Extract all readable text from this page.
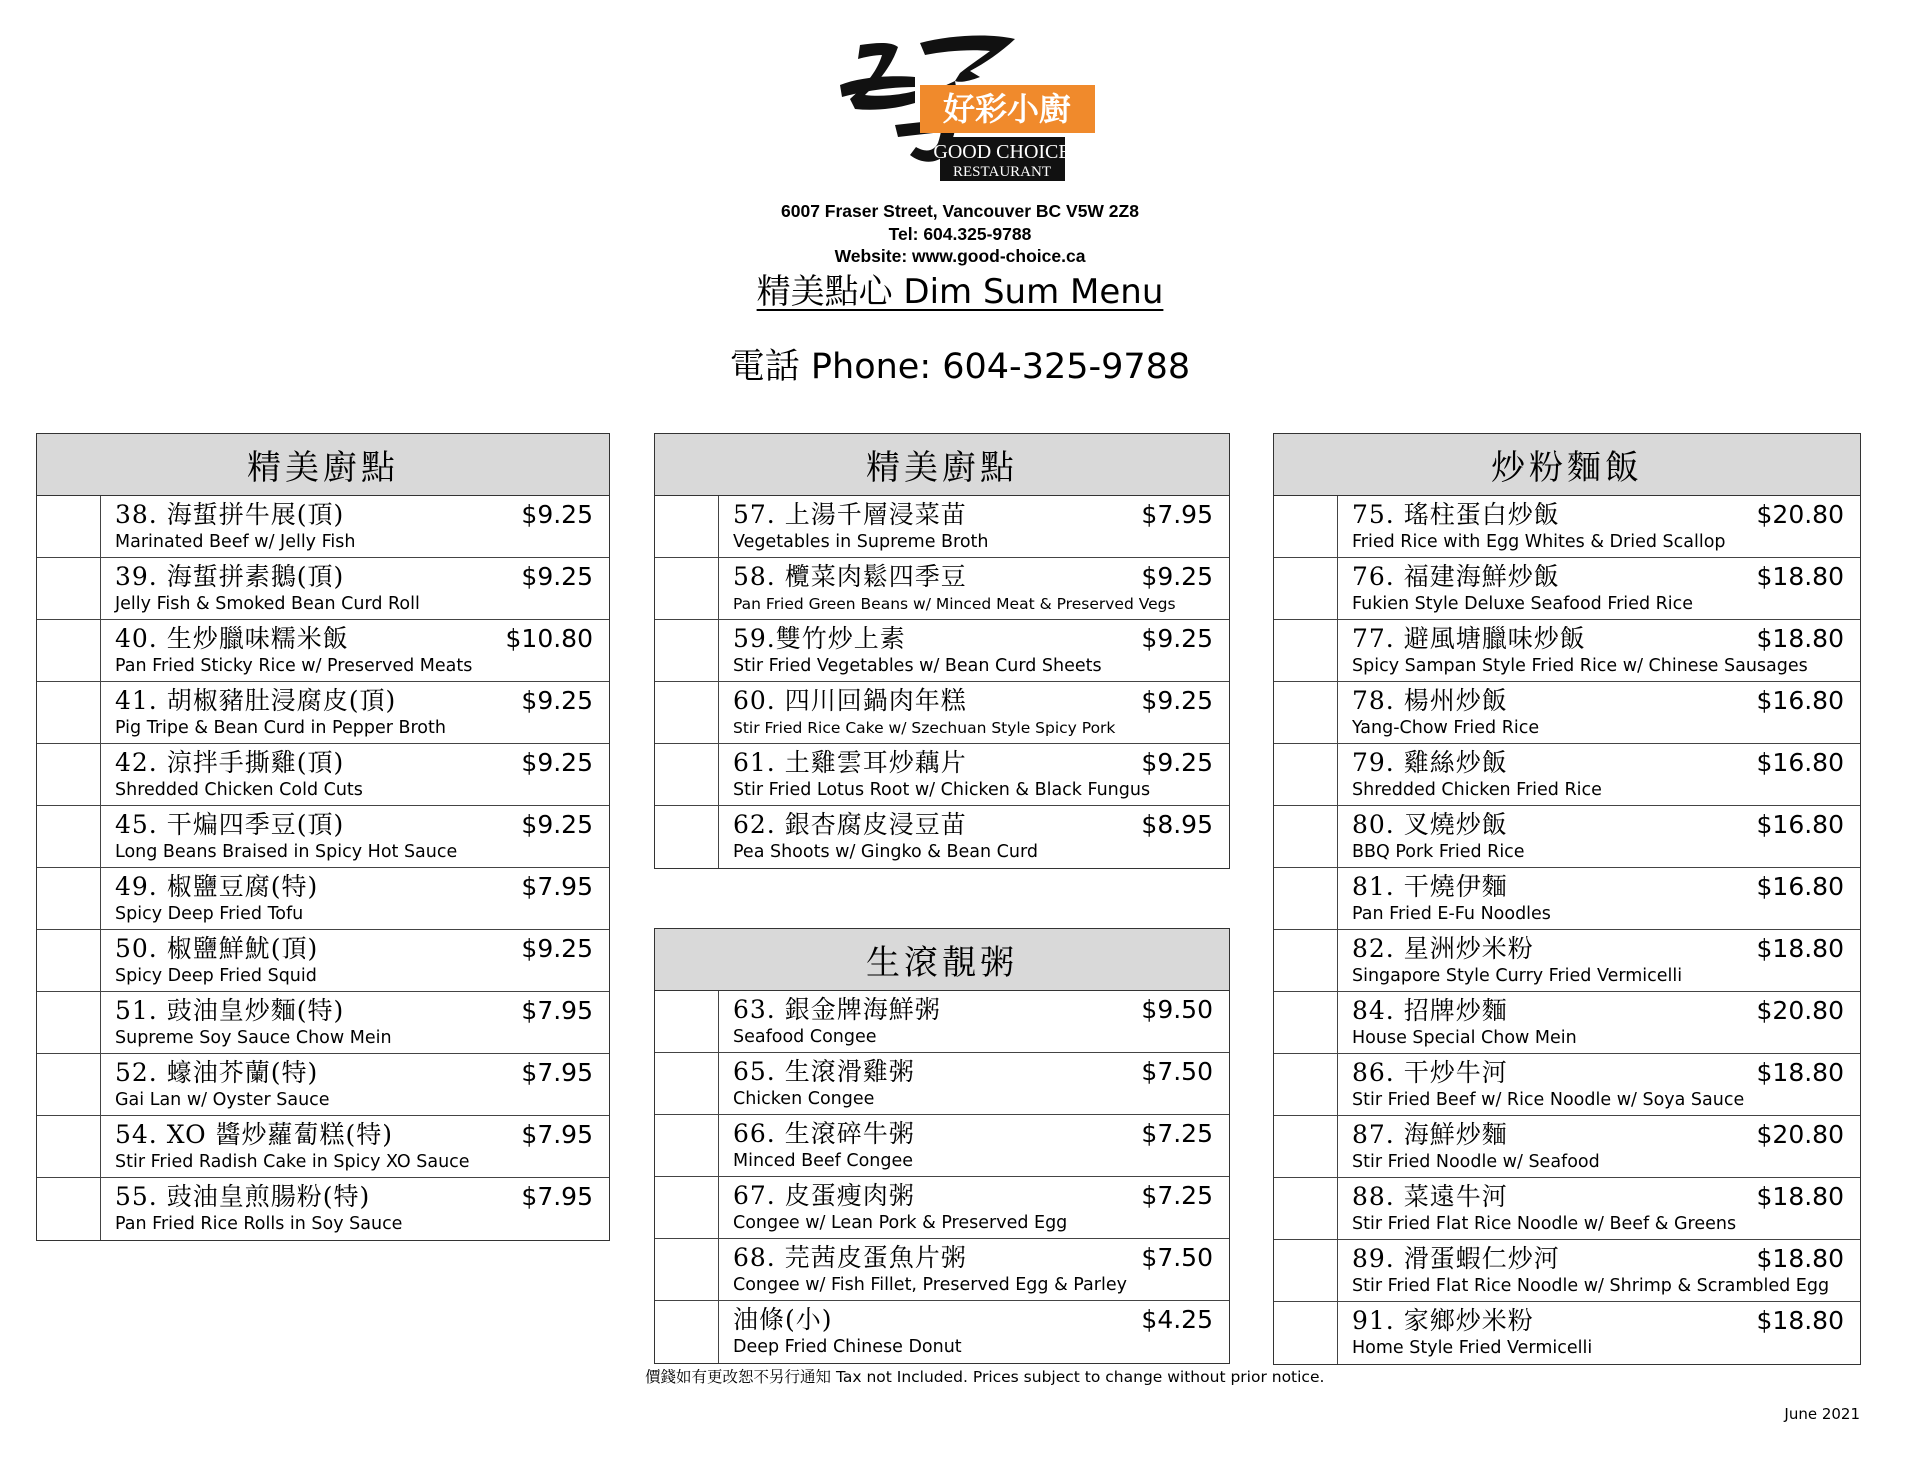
好彩小廚
GOOD CHOICE
RESTAURANT
6007 Fraser Street, Vancouver BC V5W 2Z8
Tel: 604.325-9788
Website: www.good-choice.ca
精美點心 Dim Sum Menu
電話 Phone: 604-325-9788
精美廚點
38. 海蜇拼牛展(頂)	$9.25
Marinated Beef w/ Jelly Fish
39. 海蜇拼素鵝(頂)	$9.25
Jelly Fish & Smoked Bean Curd Roll
40. 生炒臘味糯米飯	$10.80
Pan Fried Sticky Rice w/ Preserved Meats
41. 胡椒豬肚浸腐皮(頂)	$9.25
Pig Tripe & Bean Curd in Pepper Broth
42. 涼拌手撕雞(頂)	$9.25
Shredded Chicken Cold Cuts
45. 干煸四季豆(頂)	$9.25
Long Beans Braised in Spicy Hot Sauce
49. 椒鹽豆腐(特)	$7.95
Spicy Deep Fried Tofu
50. 椒鹽鮮魷(頂)	$9.25
Spicy Deep Fried Squid
51. 豉油皇炒麵(特)	$7.95
Supreme Soy Sauce Chow Mein
52. 蠔油芥蘭(特)	$7.95
Gai Lan w/ Oyster Sauce
54. XO 醬炒蘿蔔糕(特)	$7.95
Stir Fried Radish Cake in Spicy XO Sauce
55. 豉油皇煎腸粉(特)	$7.95
Pan Fried Rice Rolls in Soy Sauce
精美廚點
57. 上湯千層浸菜苗	$7.95
Vegetables in Supreme Broth
58. 欖菜肉鬆四季豆	$9.25
Pan Fried Green Beans w/ Minced Meat & Preserved Vegs
59.雙竹炒上素	$9.25
Stir Fried Vegetables w/ Bean Curd Sheets
60. 四川回鍋肉年糕	$9.25
Stir Fried Rice Cake w/ Szechuan Style Spicy Pork
61. 土雞雲耳炒藕片	$9.25
Stir Fried Lotus Root w/ Chicken & Black Fungus
62. 銀杏腐皮浸豆苗	$8.95
Pea Shoots w/ Gingko & Bean Curd
生滾靚粥
63. 銀金牌海鮮粥	$9.50
Seafood Congee
65. 生滾滑雞粥	$7.50
Chicken Congee
66. 生滾碎牛粥	$7.25
Minced Beef Congee
67. 皮蛋瘦肉粥	$7.25
Congee w/ Lean Pork & Preserved Egg
68. 芫茜皮蛋魚片粥	$7.50
Congee w/ Fish Fillet, Preserved Egg & Parley
油條(小)	$4.25
Deep Fried Chinese Donut
炒粉麵飯
75. 瑤柱蛋白炒飯	$20.80
Fried Rice with Egg Whites & Dried Scallop
76. 福建海鮮炒飯	$18.80
Fukien Style Deluxe Seafood Fried Rice
77. 避風塘臘味炒飯	$18.80
Spicy Sampan Style Fried Rice w/ Chinese Sausages
78. 楊州炒飯	$16.80
Yang-Chow Fried Rice
79. 雞絲炒飯	$16.80
Shredded Chicken Fried Rice
80. 叉燒炒飯	$16.80
BBQ Pork Fried Rice
81. 干燒伊麵	$16.80
Pan Fried E-Fu Noodles
82. 星洲炒米粉	$18.80
Singapore Style Curry Fried Vermicelli
84. 招牌炒麵	$20.80
House Special Chow Mein
86. 干炒牛河	$18.80
Stir Fried Beef w/ Rice Noodle w/ Soya Sauce
87. 海鮮炒麵	$20.80
Stir Fried Noodle w/ Seafood
88. 菜遠牛河	$18.80
Stir Fried Flat Rice Noodle w/ Beef & Greens
89. 滑蛋蝦仁炒河	$18.80
Stir Fried Flat Rice Noodle w/ Shrimp & Scrambled Egg
91. 家鄉炒米粉	$18.80
Home Style Fried Vermicelli
價錢如有更改恕不另行通知 Tax not Included. Prices subject to change without prior notice.
June 2021
